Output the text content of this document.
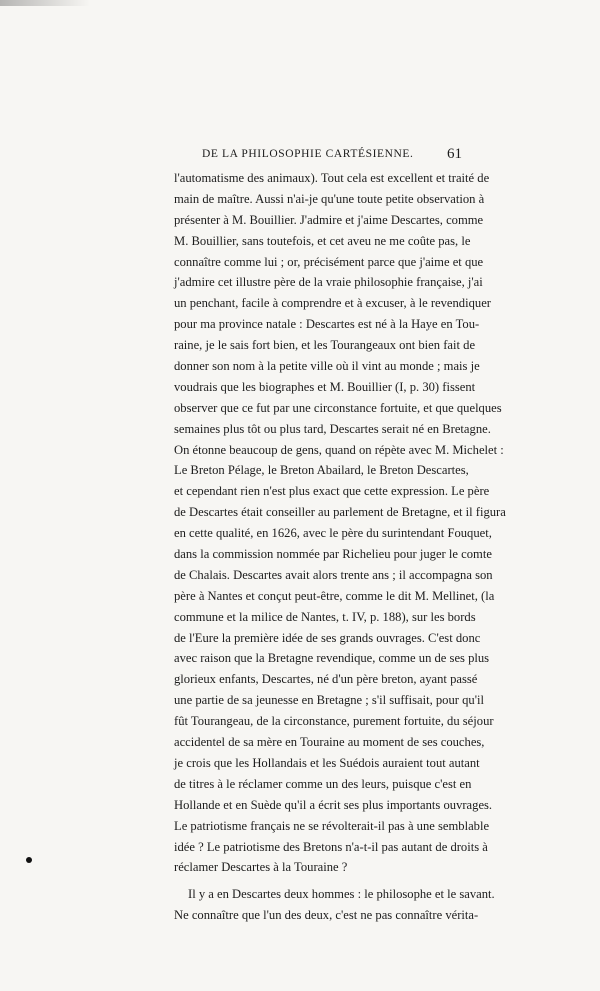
DE LA PHILOSOPHIE CARTÉSIENNE. 61
l'automatisme des animaux). Tout cela est excellent et traité de
main de maître. Aussi n'ai-je qu'une toute petite observation à
présenter à M. Bouillier. J'admire et j'aime Descartes, comme
M. Bouillier, sans toutefois, et cet aveu ne me coûte pas, le
connaître comme lui ; or, précisément parce que j'aime et que
j'admire cet illustre père de la vraie philosophie française, j'ai
un penchant, facile à comprendre et à excuser, à le revendiquer
pour ma province natale : Descartes est né à la Haye en Tou-
raine, je le sais fort bien, et les Tourangeaux ont bien fait de
donner son nom à la petite ville où il vint au monde ; mais je
voudrais que les biographes et M. Bouillier (I, p. 30) fissent
observer que ce fut par une circonstance fortuite, et que quelques
semaines plus tôt ou plus tard, Descartes serait né en Bretagne.
On étonne beaucoup de gens, quand on répète avec M. Michelet :
Le Breton Pélage, le Breton Abailard, le Breton Descartes,
et cependant rien n'est plus exact que cette expression. Le père
de Descartes était conseiller au parlement de Bretagne, et il figura
en cette qualité, en 1626, avec le père du surintendant Fouquet,
dans la commission nommée par Richelieu pour juger le comte
de Chalais. Descartes avait alors trente ans ; il accompagna son
père à Nantes et conçut peut-être, comme le dit M. Mellinet, (la
commune et la milice de Nantes, t. IV, p. 188), sur les bords
de l'Eure la première idée de ses grands ouvrages. C'est donc
avec raison que la Bretagne revendique, comme un de ses plus
glorieux enfants, Descartes, né d'un père breton, ayant passé
une partie de sa jeunesse en Bretagne ; s'il suffisait, pour qu'il
fût Tourangeau, de la circonstance, purement fortuite, du séjour
accidentel de sa mère en Touraine au moment de ses couches,
je crois que les Hollandais et les Suédois auraient tout autant
de titres à le réclamer comme un des leurs, puisque c'est en
Hollande et en Suède qu'il a écrit ses plus importants ouvrages.
Le patriotisme français ne se révolterait-il pas à une semblable
idée ? Le patriotisme des Bretons n'a-t-il pas autant de droits à
réclamer Descartes à la Touraine ?
Il y a en Descartes deux hommes : le philosophe et le savant.
Ne connaître que l'un des deux, c'est ne pas connaître vérita-
